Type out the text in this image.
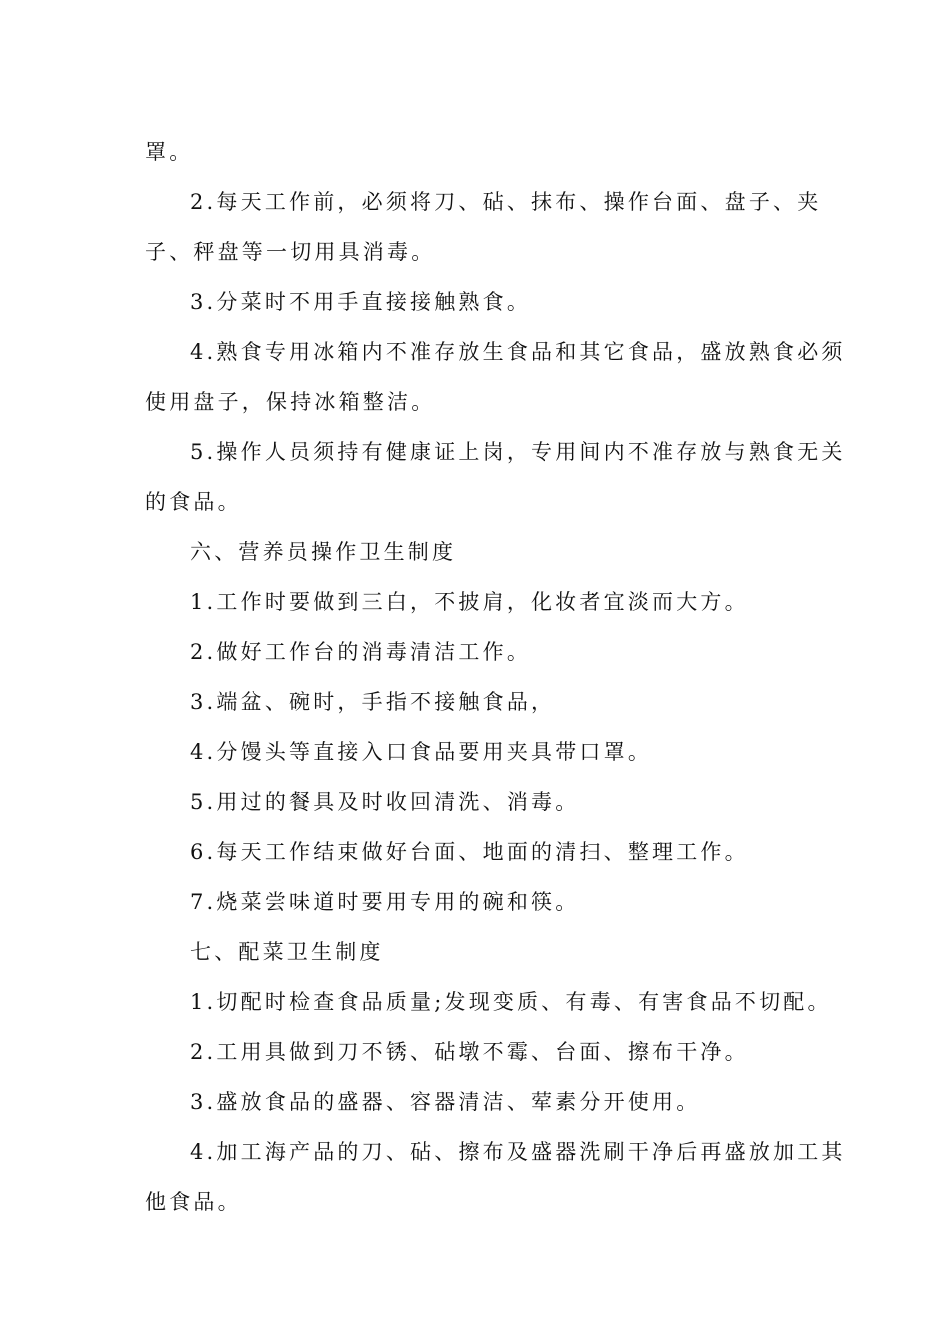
罩。
2.每天工作前，必须将刀、砧、抹布、操作台面、盘子、夹
子、秤盘等一切用具消毒。
3.分菜时不用手直接接触熟食。
4.熟食专用冰箱内不准存放生食品和其它食品，盛放熟食必须
使用盘子，保持冰箱整洁。
5.操作人员须持有健康证上岗，专用间内不准存放与熟食无关
的食品。
六、营养员操作卫生制度
1.工作时要做到三白，不披肩，化妆者宜淡而大方。
2.做好工作台的消毒清洁工作。
3.端盆、碗时，手指不接触食品，
4.分馒头等直接入口食品要用夹具带口罩。
5.用过的餐具及时收回清洗、消毒。
6.每天工作结束做好台面、地面的清扫、整理工作。
7.烧菜尝味道时要用专用的碗和筷。
七、配菜卫生制度
1.切配时检查食品质量;发现变质、有毒、有害食品不切配。
2.工用具做到刀不锈、砧墩不霉、台面、擦布干净。
3.盛放食品的盛器、容器清洁、荤素分开使用。
4.加工海产品的刀、砧、擦布及盛器洗刷干净后再盛放加工其
他食品。
